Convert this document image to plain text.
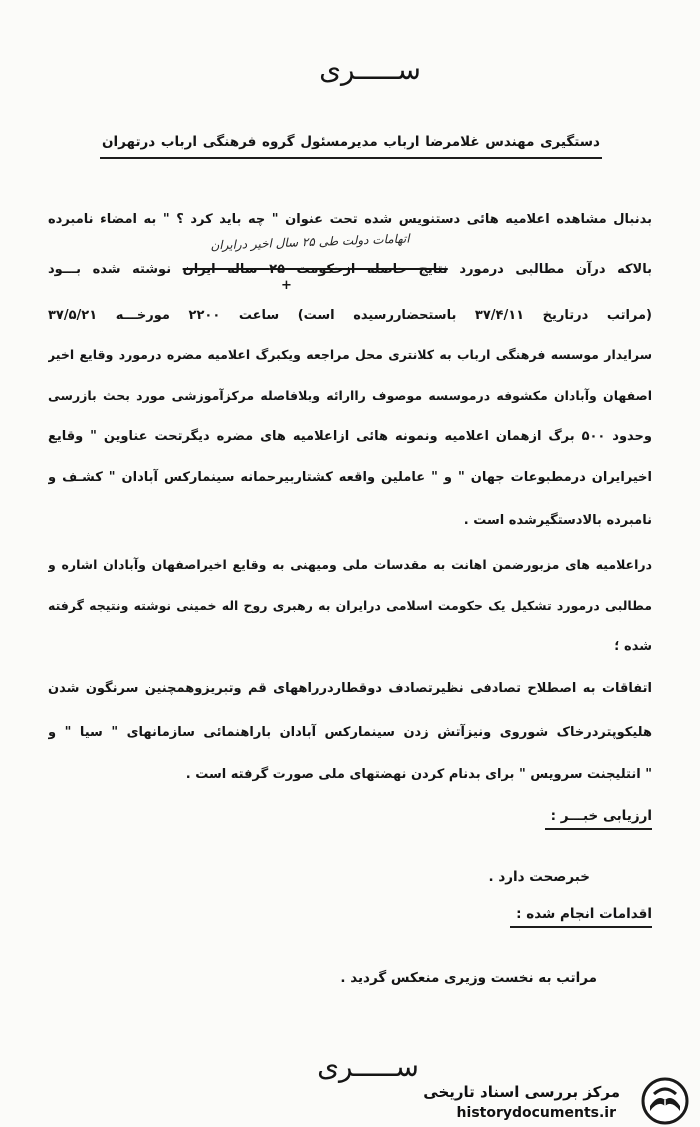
ســـــری
دستگیری مهندس غلامرضا ارباب مدیرمسئول گروه فرهنگی ارباب درتهران
بدنبال مشاهده اعلامیه هائی دستنویس شده تحت عنوان " چه باید کرد ؟ " به امضاء نامبرده
اتهامات دولت طی ۲۵ سال اخیر درایران
بالاکه درآن مطالبی درمورد نتایج حاصله ازحکومت ۲۵ ساله ایران نوشته شده بـــود
+
(مراتب درتاریخ ۳۷/۴/۱۱ باستحضاررسیده است) ساعت ۲۲۰۰ مورخـــه ۳۷/۵/۲۱
سرایدار موسسه فرهنگی ارباب به کلانتری محل مراجعه ویکبرگ اعلامیه مضره درمورد وقایع اخیر
اصفهان وآبادان مکشوفه درموسسه موصوف راارائه وبلافاصله مرکزآموزشی مورد بحث بازرسی
وحدود ۵۰۰ برگ ازهمان اعلامیه ونمونه هائی ازاعلامیه های مضره دیگرتحت عناوین " وقایع
اخیرایران درمطبوعات جهان " و " عاملین واقعه کشتاربیرحمانه سینمارکس آبادان " کشـف و
نامبرده بالادستگیرشده است .
دراعلامیه های مزبورضمن اهانت به مقدسات ملی ومیهنی به وقایع اخیراصفهان وآبادان اشاره و
مطالبی درمورد تشکیل یک حکومت اسلامی درایران به رهبری روح اله خمینی نوشته ونتیجه گرفته
شده ؛
اتفاقات به اصطلاح تصادفی نظیرتصادف دوقطاردرراههای قم وتبریزوهمچنین سرنگون شدن
هلیکوپتردرخاک شوروی ونیزآتش زدن سینمارکس آبادان باراهنمائی سازمانهای " سیا " و
" انتلیجنت سرویس " برای بدنام کردن نهضتهای ملی صورت گرفته است .
ارزیابی خبـــر :
خبرصحت دارد .
اقدامات انجام شده :
مراتب به نخست وزیری منعکس گردید .
ســـــری
مرکز بررسی اسناد تاریخی
historydocuments.ir
